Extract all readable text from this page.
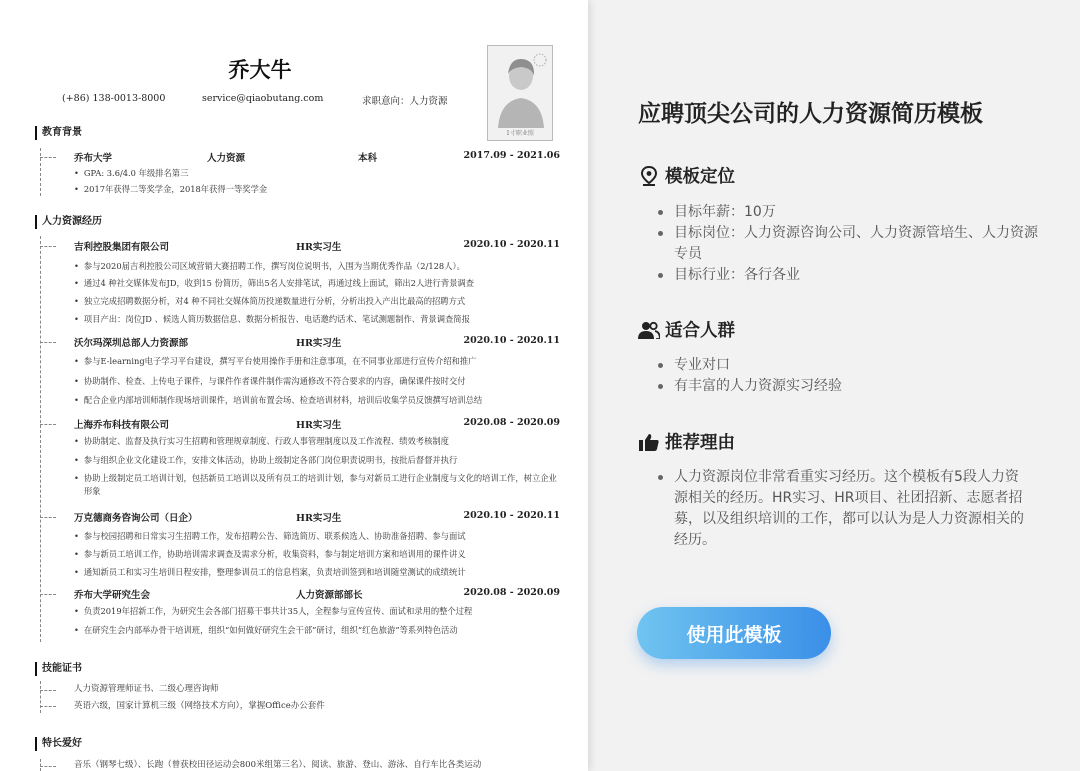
乔大牛
(+86) 138-0013-8000	service@qiaobutang.com	求职意向：人力资源
1寸职业照
教育背景
乔布大学	人力资源	本科	2017.09 - 2021.06
• GPA: 3.6/4.0 年级排名第三
• 2017年获得二等奖学金，2018年获得一等奖学金
人力资源经历
吉利控股集团有限公司	HR实习生	2020.10 - 2020.11
• 参与2020届吉利控股公司区域营销大赛招聘工作，撰写岗位说明书，入围为当期优秀作品（2/128人）。
• 通过4 种社交媒体发布JD，收到15 份简历，筛出5名人安排笔试，再通过线上面试，筛出2人进行背景调查
• 独立完成招聘数据分析，对4 种不同社交媒体简历投递数量进行分析，分析出投入产出比最高的招聘方式
• 项目产出：岗位JD 、候选人简历数据信息、数据分析报告、电话邀约话术、笔试测题制作、背景调查简报
沃尔玛深圳总部人力资源部	HR实习生	2020.10 - 2020.11
• 参与E-learning电子学习平台建设，撰写平台使用操作手册和注意事项，在不同事业部进行宣传介绍和推广
• 协助制作、检查、上传电子课件，与课件作者课件制作需沟通修改不符合要求的内容，确保课件按时交付
• 配合企业内部培训师制作现场培训课件，培训前布置会场、检查培训材料，培训后收集学员反馈撰写培训总结
上海乔布科技有限公司	HR实习生	2020.08 - 2020.09
• 协助制定、监督及执行实习生招聘和管理规章制度、行政人事管理制度以及工作流程、绩效考核制度
• 参与组织企业文化建设工作，安排文体活动，协助上级制定各部门岗位职责说明书，按批后督督并执行
• 协助上级制定员工培训计划，包括新员工培训以及所有员工的培训计划，参与对新员工进行企业制度与文化的培训工作，树立企业形象
万克德商务咨询公司（日企）	HR实习生	2020.10 - 2020.11
• 参与校园招聘和日常实习生招聘工作，发布招聘公告、筛选简历、联系候选人、协助准备招聘、参与面试
• 参与新员工培训工作，协助培训需求调查及需求分析，收集资料，参与制定培训方案和培训用的课件讲义
• 通知新员工和实习生培训日程安排，整理参训员工的信息档案，负责培训签到和培训随堂测试的成绩统计
乔布大学研究生会	人力资源部部长	2020.08 - 2020.09
• 负责2019年招新工作，为研究生会各部门招募干事共计35人，全程参与宣传宣传、面试和录用的整个过程
• 在研究生会内部举办骨干培训班，组织“如何做好研究生会干部”研讨，组织“红色旅游”等系列特色活动
技能证书
人力资源管理师证书、二级心理咨询师
英语六级，国家计算机三级（网络技术方向），掌握Office办公套件
特长爱好
音乐（钢琴七级）、长跑（曾获校田径运动会800米组第三名）、阅读、旅游、登山、游泳、自行车比各类运动
应聘顶尖公司的人力资源简历模板
模板定位
目标年薪：10万
目标岗位：人力资源咨询公司、人力资源管培生、人力资源专员
目标行业：各行各业
适合人群
专业对口
有丰富的人力资源实习经验
推荐理由
人力资源岗位非常看重实习经历。这个模板有5段人力资源相关的经历。HR实习、HR项目、社团招新、志愿者招募，以及组织培训的工作，都可以认为是人力资源相关的经历。
使用此模板
